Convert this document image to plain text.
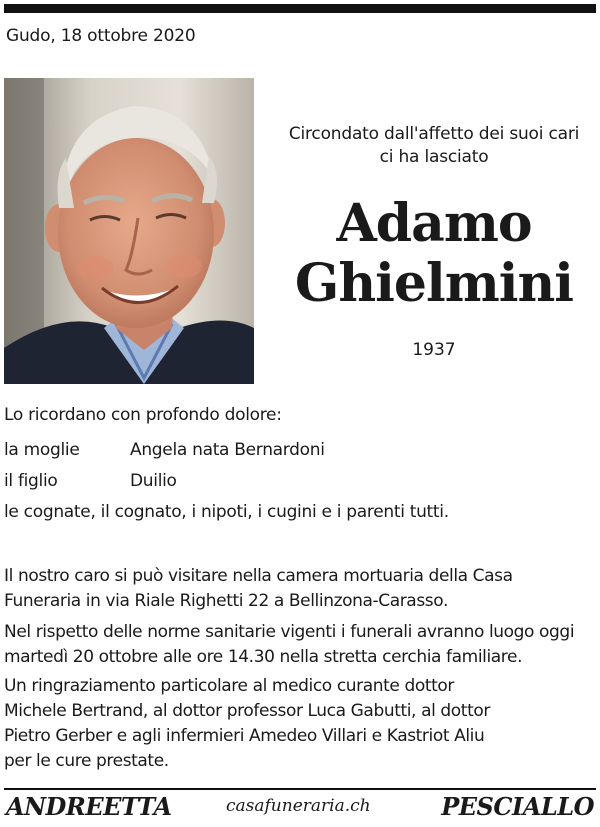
Gudo, 18 ottobre 2020
Circondato dall'affetto dei suoi cari
ci ha lasciato
Adamo
Ghielmini
1937
Lo ricordano con profondo dolore:
la moglie	Angela nata Bernardoni
il figlio	Duilio
le cognate, il cognato, i nipoti, i cugini e i parenti tutti.
Il nostro caro si può visitare nella camera mortuaria della Casa
Funeraria in via Riale Righetti 22 a Bellinzona-Carasso.
Nel rispetto delle norme sanitarie vigenti i funerali avranno luogo oggi
martedì 20 ottobre alle ore 14.30 nella stretta cerchia familiare.
Un ringraziamento particolare al medico curante dottor
Michele Bertrand, al dottor professor Luca Gabutti, al dottor
Pietro Gerber e agli infermieri Amedeo Villari e Kastriot Aliu
per le cure prestate.
ANDREETTA	casafuneraria.ch	PESCIALLO
